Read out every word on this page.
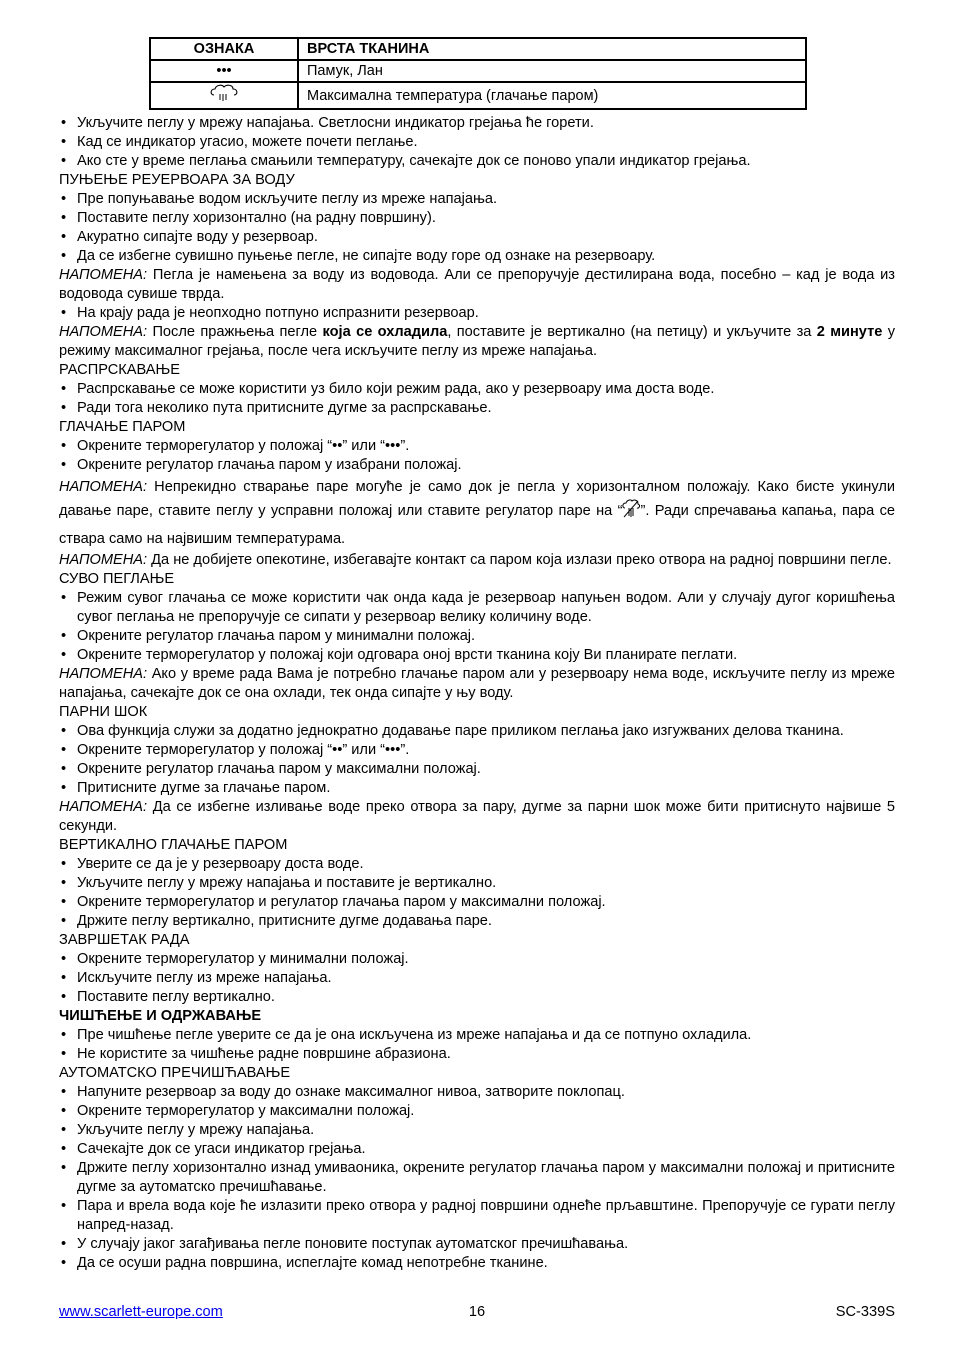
ОЗНАКА	ВРСТА ТКАНИНА
•••	Памук, Лан
	Максимална температура (глачање паром)

• Укључите пеглу у мрежу напајања. Светлосни индикатор грејања ће горети.

• Кад се индикатор угасио, можете почети пеглање.

• Ако сте у време пеглања смањили температуру, сачекајте док се поново упали индикатор грејања.

ПУЊЕЊЕ РЕУЕРВОАРА ЗА ВОДУ

• Пре попуњавање водом искључите пеглу из мреже напајања.

• Поставите пеглу хоризонтално (на радну површину).

• Акуратно сипајте воду у резервоар.

• Да се избегне сувишно пуњење пегле, не сипајте воду горе од ознаке на резервоару.

НАПОМЕНА: Пегла је намењена за воду из водовода. Али се препоручује дестилирана вода, посебно – кад је вода из водовода сувише тврда.

• На крају рада је неопходно потпуно испразнити резервоар.

НАПОМЕНА: После пражњења пегле која се охладила, поставите је вертикално (на петицу) и укључите за 2 минуте у режиму максималног грејања, после чега искључите пеглу из мреже напајања.

РАСПРСКАВАЊЕ

• Распрскавање се може користити уз било који режим рада, ако у резервоару има доста воде.

• Ради тога неколико пута притисните дугме за распрскавање.

ГЛАЧАЊЕ ПАРОМ

• Окрените терморегулатор у положај “••” или “•••”.

• Окрените регулатор глачања паром у изабрани положај.

НАПОМЕНА: Непрекидно стварање паре могуће је само док је пегла у хоризонталном положају. Како бисте укинули давање паре, ставите пеглу у усправни положај или ставите регулатор паре на “ ”. Ради спречавања капања, пара се ствара само на највишим температурама.

НАПОМЕНА: Да не добијете опекотине, избегавајте контакт са паром која излази преко отвора на радној површини пегле.

СУВО ПЕГЛАЊЕ

• Режим сувог глачања се може користити чак онда када је резервоар напуњен водом. Али у случају дугог коришћења сувог пеглања не препоручује се сипати у резервоар велику количину воде.

• Окрените регулатор глачања паром у минимални положај.

• Окрените терморегулатор у положај који одговара оној врсти тканина коју Ви планирате пеглати.

НАПОМЕНА: Ако у време рада Вама је потребно глачање паром али у резервоару нема воде, искључите пеглу из мреже напајања, сачекајте док се она охлади, тек онда сипајте у њу воду.

ПАРНИ ШОК

• Ова функција служи за додатно једнократно додавање паре приликом пеглања јако изгужваних делова тканина.

• Окрените терморегулатор у положај “••” или “•••”.

• Окрените регулатор глачања паром у максимални положај.

• Притисните дугме за глачање паром.

НАПОМЕНА: Да се избегне изливање воде преко отвора за пару, дугме за парни шок може бити притиснуто највише 5 секунди.

ВЕРТИКАЛНО ГЛАЧАЊЕ ПАРОМ

• Уверите се да је у резервоару доста воде.

• Укључите пеглу у мрежу напајања и поставите је вертикално.

• Окрените терморегулатор и регулатор глачања паром у максимални положај.

• Држите пеглу вертикално, притисните дугме додавања паре.

ЗАВРШЕТАК РАДА

• Окрените терморегулатор у минимални положај.

• Искључите пеглу из мреже напајања.

• Поставите пеглу вертикално.

ЧИШЋЕЊЕ И ОДРЖАВАЊЕ

• Пре чишћење пегле уверите се да је она искључена из мреже напајања и да се потпуно охладила.

• Не користите за чишћење радне површине абразиона.

АУТОМАТСКО ПРЕЧИШЋАВАЊЕ

• Напуните резервоар за воду до ознаке максималног нивоа, затворите поклопац.

• Окрените терморегулатор у максимални положај.

• Укључите пеглу у мрежу напајања.

• Сачекајте док се угаси индикатор грејања.

• Држите пеглу хоризонтално изнад умиваоника, окрените регулатор глачања паром у максимални положај и притисните дугме за аутоматско пречишћавање.

• Пара и врела вода које ће излазити преко отвора у радној површини однеће прљавштине. Препоручује се гурати пеглу напред-назад.

• У случају јаког загађивања пегле поновите поступак аутоматског пречишћавања.

• Да се осуши радна површина, испеглајте комад непотребне тканине.

16
www.scarlett-europe.com	SC-339S
